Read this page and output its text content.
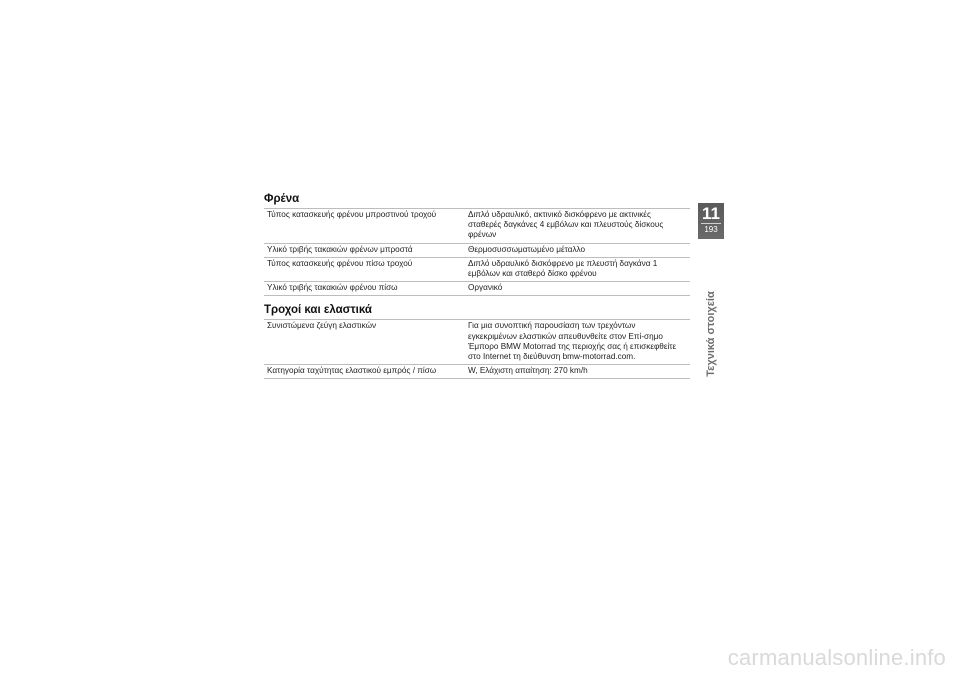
Φρένα
Τύπος κατασκευής φρένου μπροστινού τροχού	Διπλό υδραυλικό, ακτινικό δισκόφρενο με ακτινικές σταθερές δαγκάνες 4 εμβόλων και πλευστούς δίσκους φρένων
Υλικό τριβής τακακιών φρένων μπροστά	Θερμοσυσσωματωμένο μέταλλο
Τύπος κατασκευής φρένου πίσω τροχού	Διπλό υδραυλικό δισκόφρενο με πλευστή δαγκάνα 1 εμβόλων και σταθερό δίσκο φρένου
Υλικό τριβής τακακιών φρένου πίσω	Οργανικό
Τροχοί και ελαστικά
Συνιστώμενα ζεύγη ελαστικών	Για μια συνοπτική παρουσίαση των τρεχόντων εγκεκριμένων ελαστικών απευθυνθείτε στον Επί-σημο Έμπορο BMW Motorrad της περιοχής σας ή επισκεφθείτε στο Internet τη διεύθυνση bmw-motorrad.com.
Κατηγορία ταχύτητας ελαστικού εμπρός / πίσω	W, Ελάχιστη απαίτηση: 270 km/h
11
193
Τεχνικά στοιχεία
carmanualsonline.info
